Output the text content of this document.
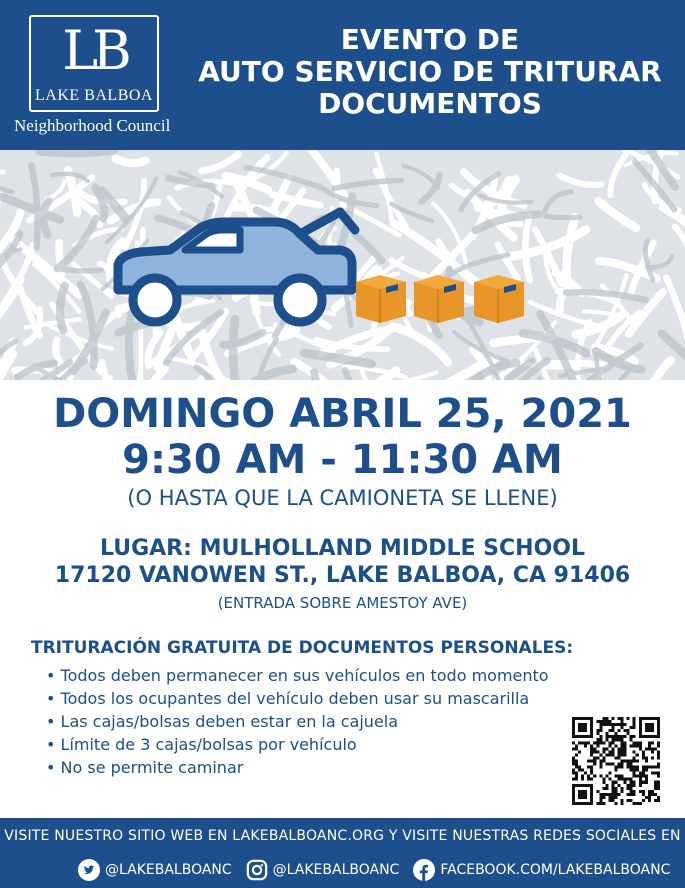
LB
LAKE BALBOA
Neighborhood Council
EVENTO DE
AUTO SERVICIO DE TRITURAR
DOCUMENTOS
DOMINGO ABRIL 25, 2021
9:30 AM - 11:30 AM
(O HASTA QUE LA CAMIONETA SE LLENE)
LUGAR: MULHOLLAND MIDDLE SCHOOL
17120 VANOWEN ST., LAKE BALBOA, CA 91406
(ENTRADA SOBRE AMESTOY AVE)
TRITURACIÓN GRATUITA DE DOCUMENTOS PERSONALES:
• Todos deben permanecer en sus vehículos en todo momento
• Todos los ocupantes del vehículo deben usar su mascarilla
• Las cajas/bolsas deben estar en la cajuela
• Límite de 3 cajas/bolsas por vehículo
• No se permite caminar
VISITE NUESTRO SITIO WEB EN LAKEBALBOANC.ORG Y VISITE NUESTRAS REDES SOCIALES EN
@LAKEBALBOANC	@LAKEBALBOANC	FACEBOOK.COM/LAKEBALBOANC
